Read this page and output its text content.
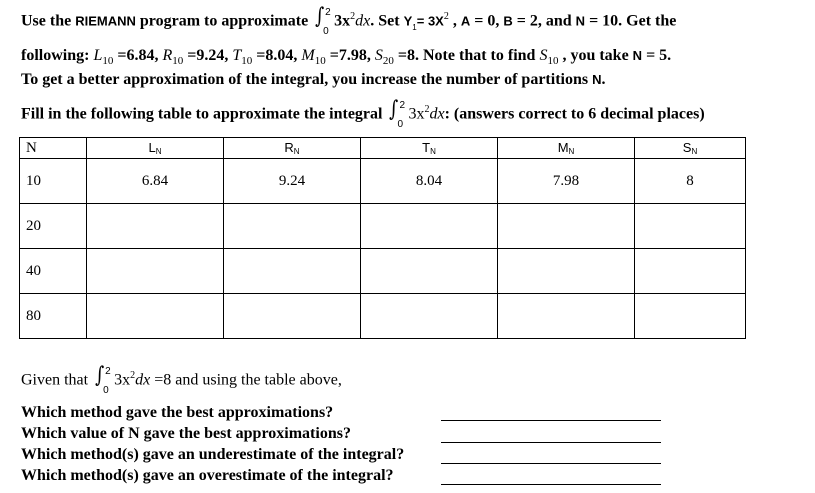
Use the RIEMANN program to approximate ∫ 2
0
$3x^2dx$. Set $Y_1= 3X^2$ , A = 0, B = 2, and N = 10. Get the
following: $L_{10} =6.84$, $R_{10} =9.24$, $T_{10} =8.04$, $M_{10} =7.98$, $S_{20} =8$. Note that to find $S_{10}$ , you take N = 5.
To get a better approximation of the integral, you increase the number of partitions N.
Fill in the following table to approximate the integral ∫ 2
0
$3x^2dx$: (answers correct to 6 decimal places)
N	LN	RN	TN	MN	SN
10	6.84	9.24	8.04	7.98	8
20					
40					
80					
Given that ∫ 2
0
$3x^2dx =8$ and using the table above,
Which method gave the best approximations?
Which value of N gave the best approximations?
Which method(s) gave an underestimate of the integral?
Which method(s) gave an overestimate of the integral?
